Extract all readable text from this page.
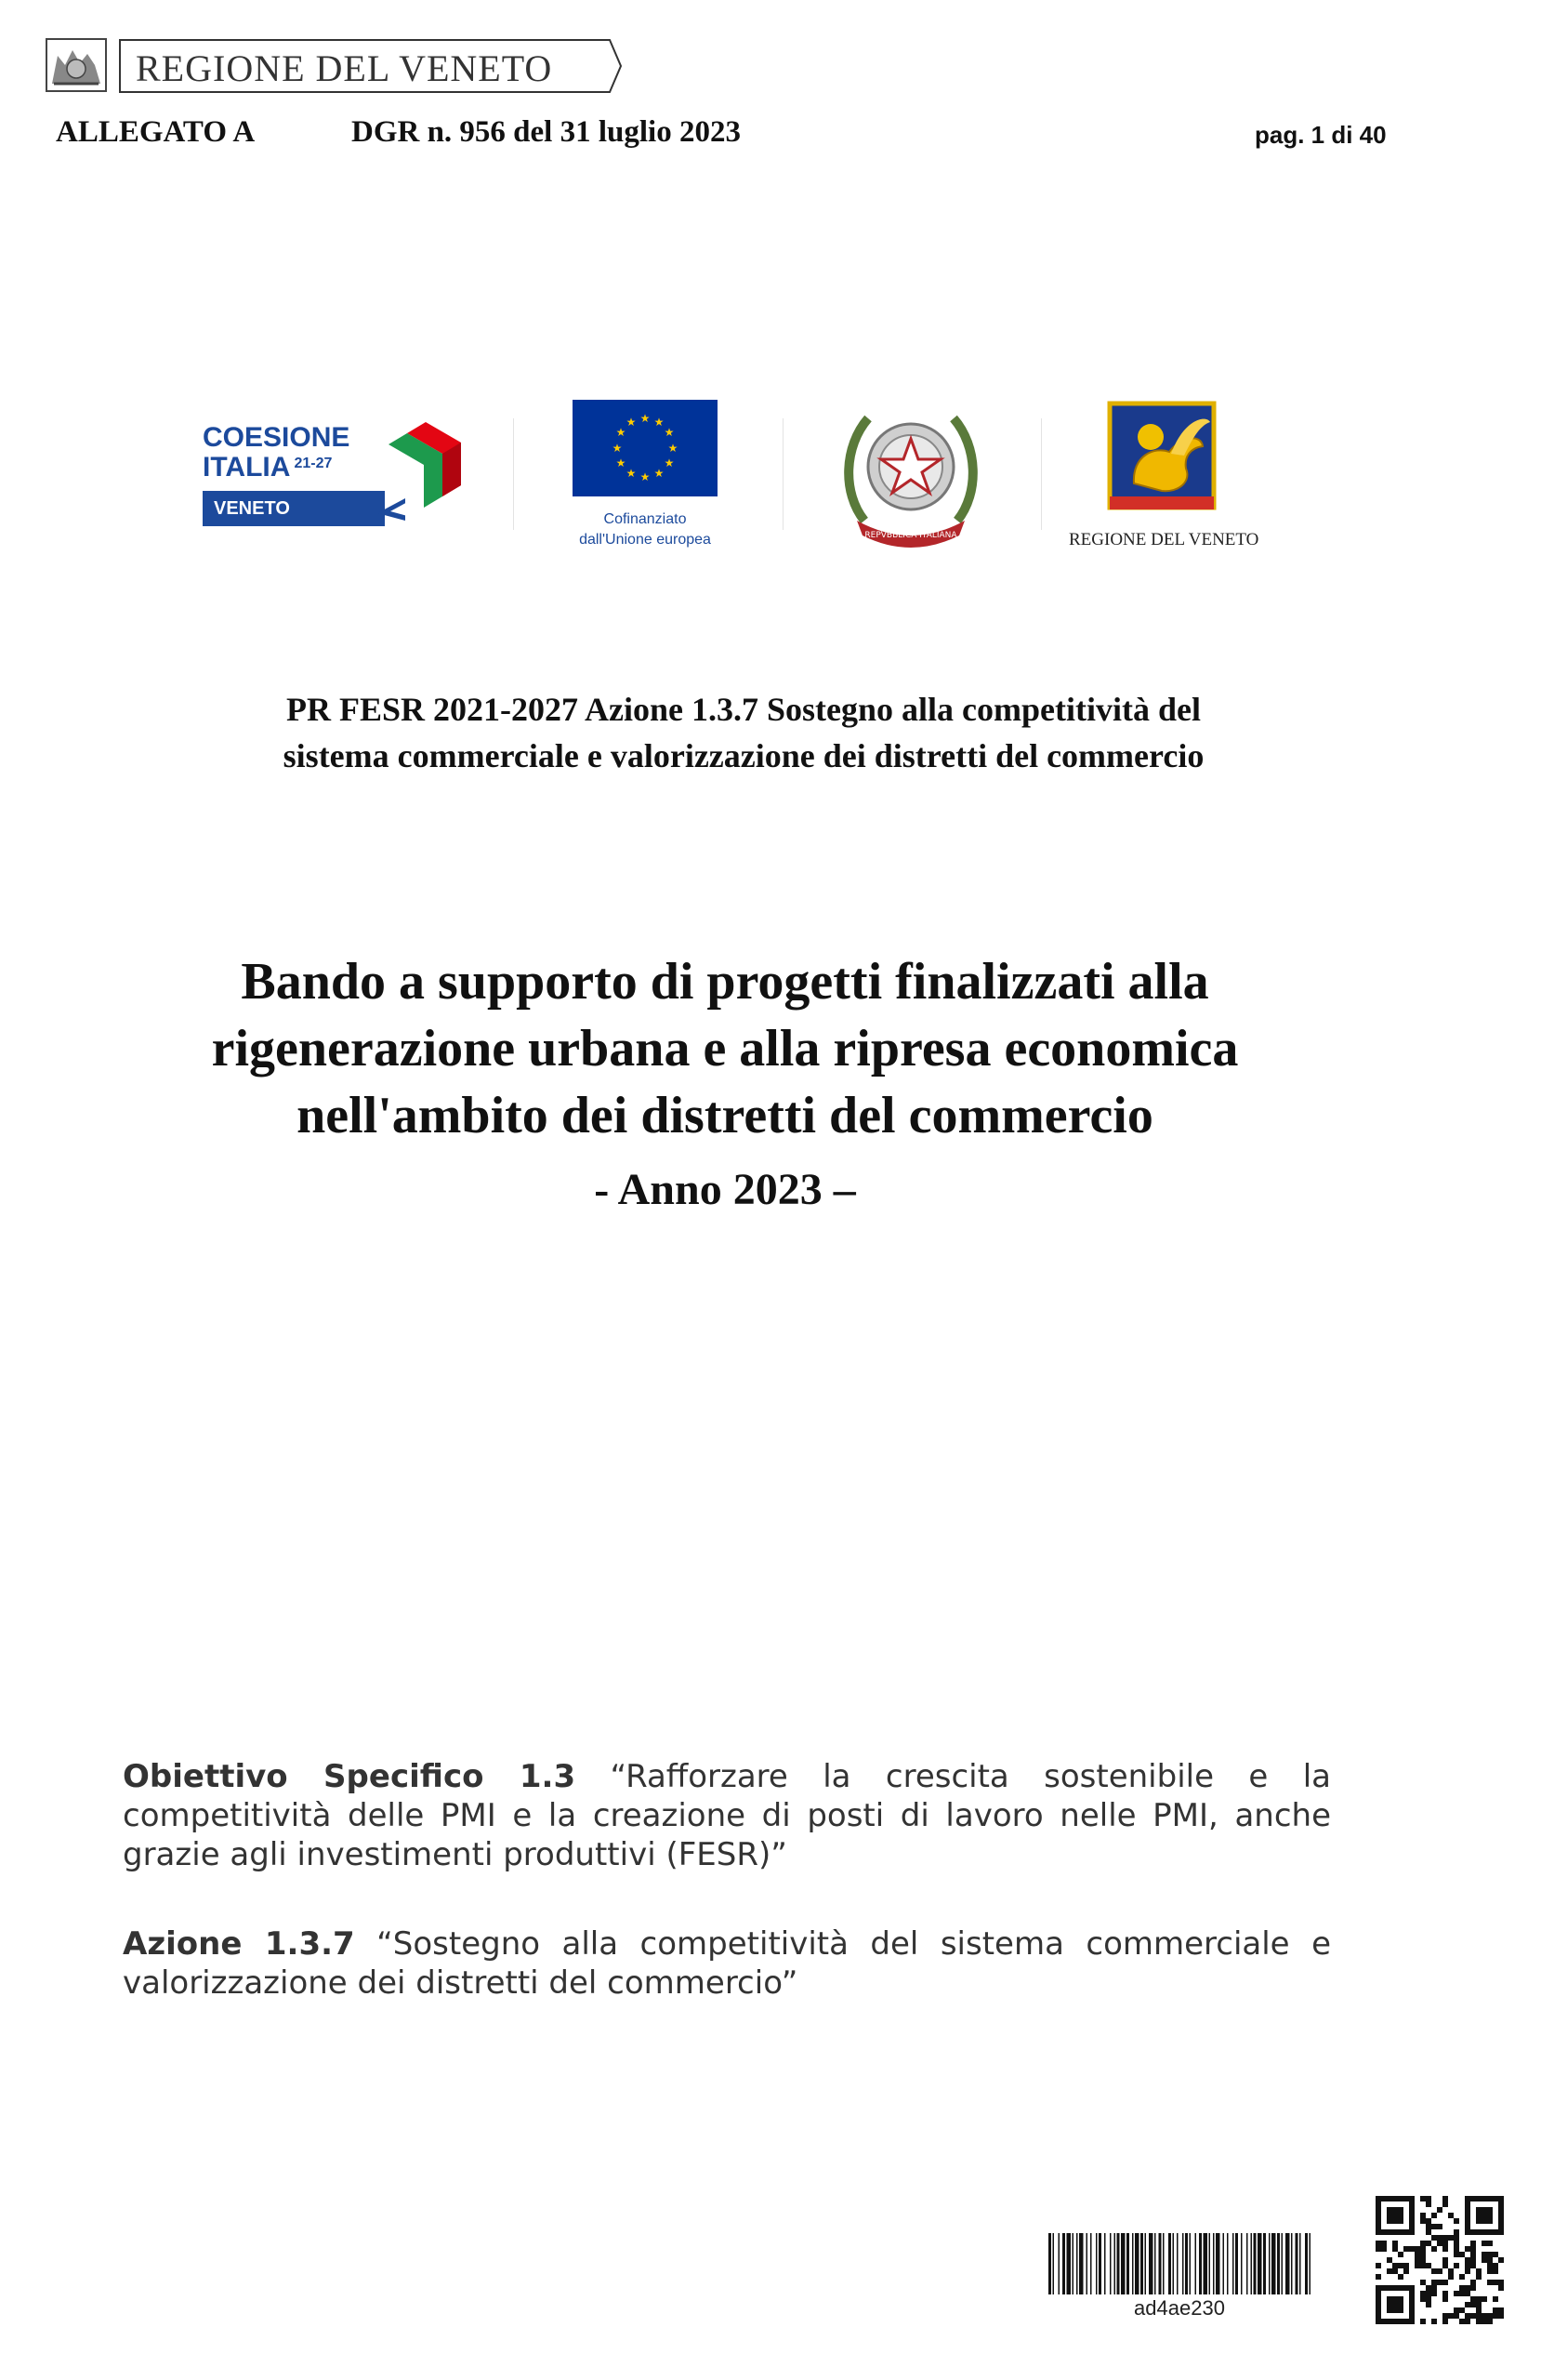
REGIONE DEL VENETO
ALLEGATO A	DGR n. 956 del 31 luglio 2023	pag. 1 di 40
COESIONE
ITALIA $^{21-27}$
VENETO
★ ★
★
★
★
★
★
★
★
★
★
★
Cofinanziato
dall'Unione europea	REPVBBLICA ITALIANA	REGIONE DEL VENETO
PR FESR 2021-2027 Azione 1.3.7 Sostegno alla competitività del
sistema commerciale e valorizzazione dei distretti del commercio
Bando a supporto di progetti finalizzati alla
rigenerazione urbana e alla ripresa economica
nell'ambito dei distretti del commercio
- Anno 2023 –
Obiettivo Specifico 1.3 “Rafforzare la crescita sostenibile e la competitività delle PMI e la creazione di posti di lavoro nelle PMI, anche grazie agli investimenti produttivi (FESR)”
Azione 1.3.7 “Sostegno alla competitività del sistema commerciale e valorizzazione dei distretti del commercio”
ad4ae230
